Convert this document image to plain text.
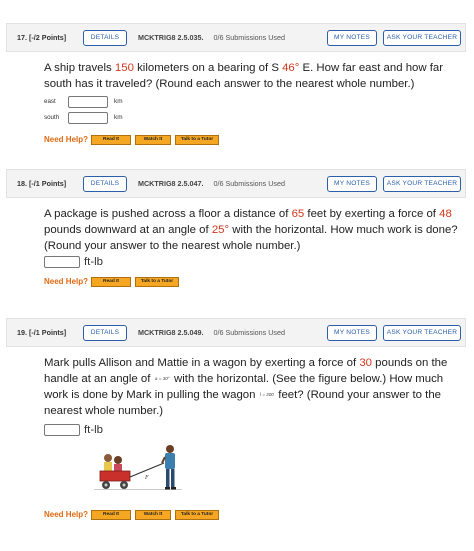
17. [-/2 Points]	DETAILS	MCKTRIG8 2.5.035. 0/6 Submissions Used	MY NOTES	ASK YOUR TEACHER

A ship travels 150 kilometers on a bearing of S 46° E. How far east and how far south has it traveled? (Round each answer to the nearest whole number.)

east	km
south	km
Need Help?	Read It	Watch It	Talk to a Tutor
18. [-/1 Points]	DETAILS	MCKTRIG8 2.5.047. 0/6 Submissions Used	MY NOTES	ASK YOUR TEACHER

A package is pushed across a floor a distance of 65 feet by exerting a force of 48 pounds downward at an angle of 25° with the horizontal. How much work is done? (Round your answer to the nearest whole number.)

ft-lb
Need Help?	Read It	Talk to a Tutor
19. [-/1 Points]	DETAILS	MCKTRIG8 2.5.049. 0/6 Submissions Used	MY NOTES	ASK YOUR TEACHER

Mark pulls Allison and Mattie in a wagon by exerting a force of 30 pounds on the handle at an angle of  a = 30°  with the horizontal. (See the figure below.) How much work is done by Mark in pulling the wagon  l = 300  feet? (Round your answer to the nearest whole number.)

ft-lb
F
Need Help?	Read It	Watch It	Talk to a Tutor
